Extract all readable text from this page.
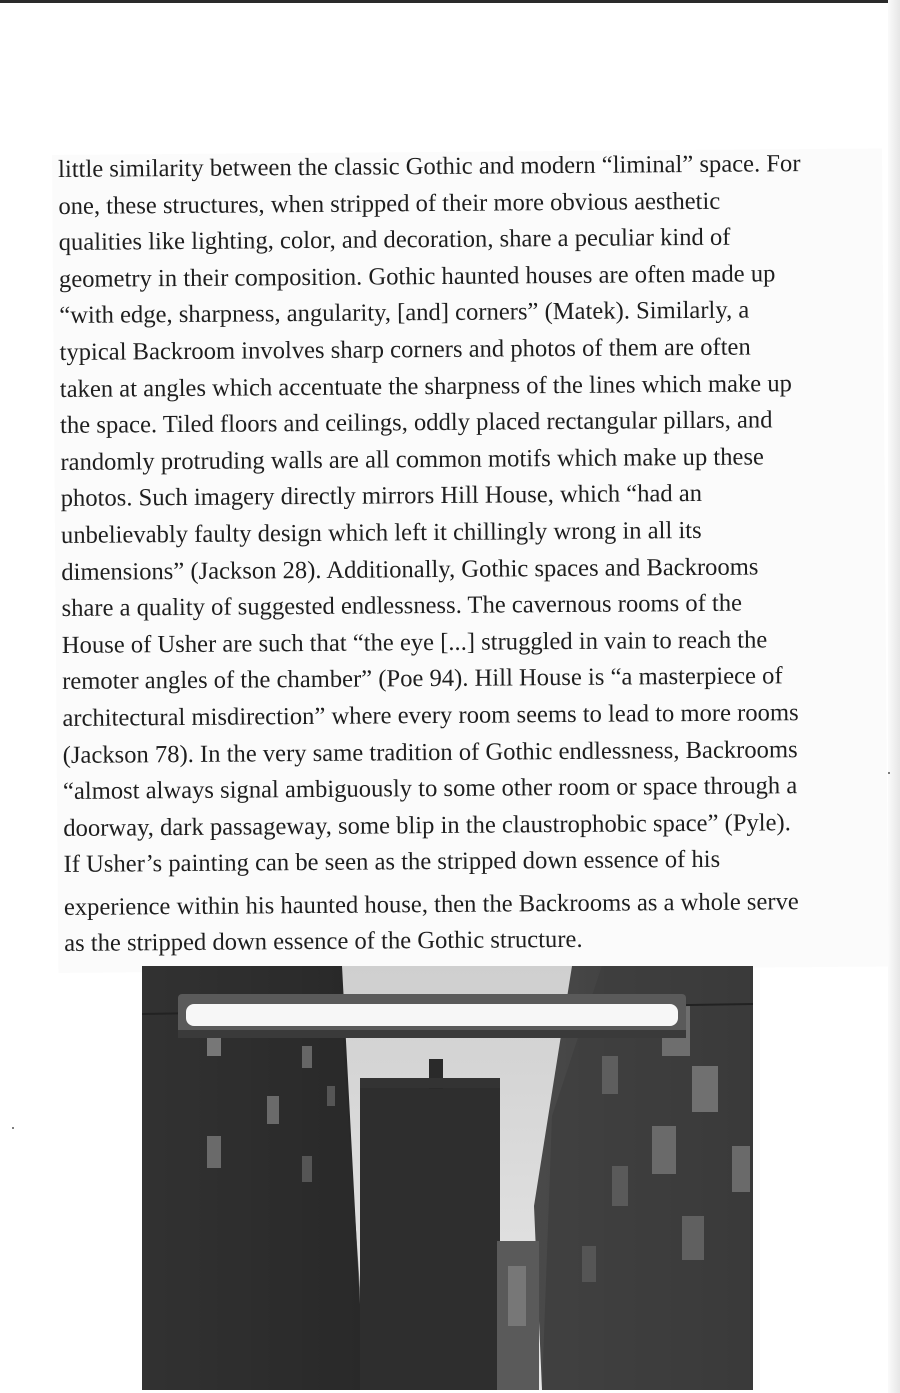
little similarity between the classic Gothic and modern “liminal” space. For
one, these structures, when stripped of their more obvious aesthetic
qualities like lighting, color, and decoration, share a peculiar kind of
geometry in their composition. Gothic haunted houses are often made up
“with edge, sharpness, angularity, [and] corners” (Matek). Similarly, a
typical Backroom involves sharp corners and photos of them are often
taken at angles which accentuate the sharpness of the lines which make up
the space. Tiled floors and ceilings, oddly placed rectangular pillars, and
randomly protruding walls are all common motifs which make up these
photos. Such imagery directly mirrors Hill House, which “had an
unbelievably faulty design which left it chillingly wrong in all its
dimensions” (Jackson 28). Additionally, Gothic spaces and Backrooms
share a quality of suggested endlessness. The cavernous rooms of the
House of Usher are such that “the eye [...] struggled in vain to reach the
remoter angles of the chamber” (Poe 94). Hill House is “a masterpiece of
architectural misdirection” where every room seems to lead to more rooms
(Jackson 78). In the very same tradition of Gothic endlessness, Backrooms
“almost always signal ambiguously to some other room or space through a
doorway, dark passageway, some blip in the claustrophobic space” (Pyle).
If Usher’s painting can be seen as the stripped down essence of his
experience within his haunted house, then the Backrooms as a whole serve
as the stripped down essence of the Gothic structure.
